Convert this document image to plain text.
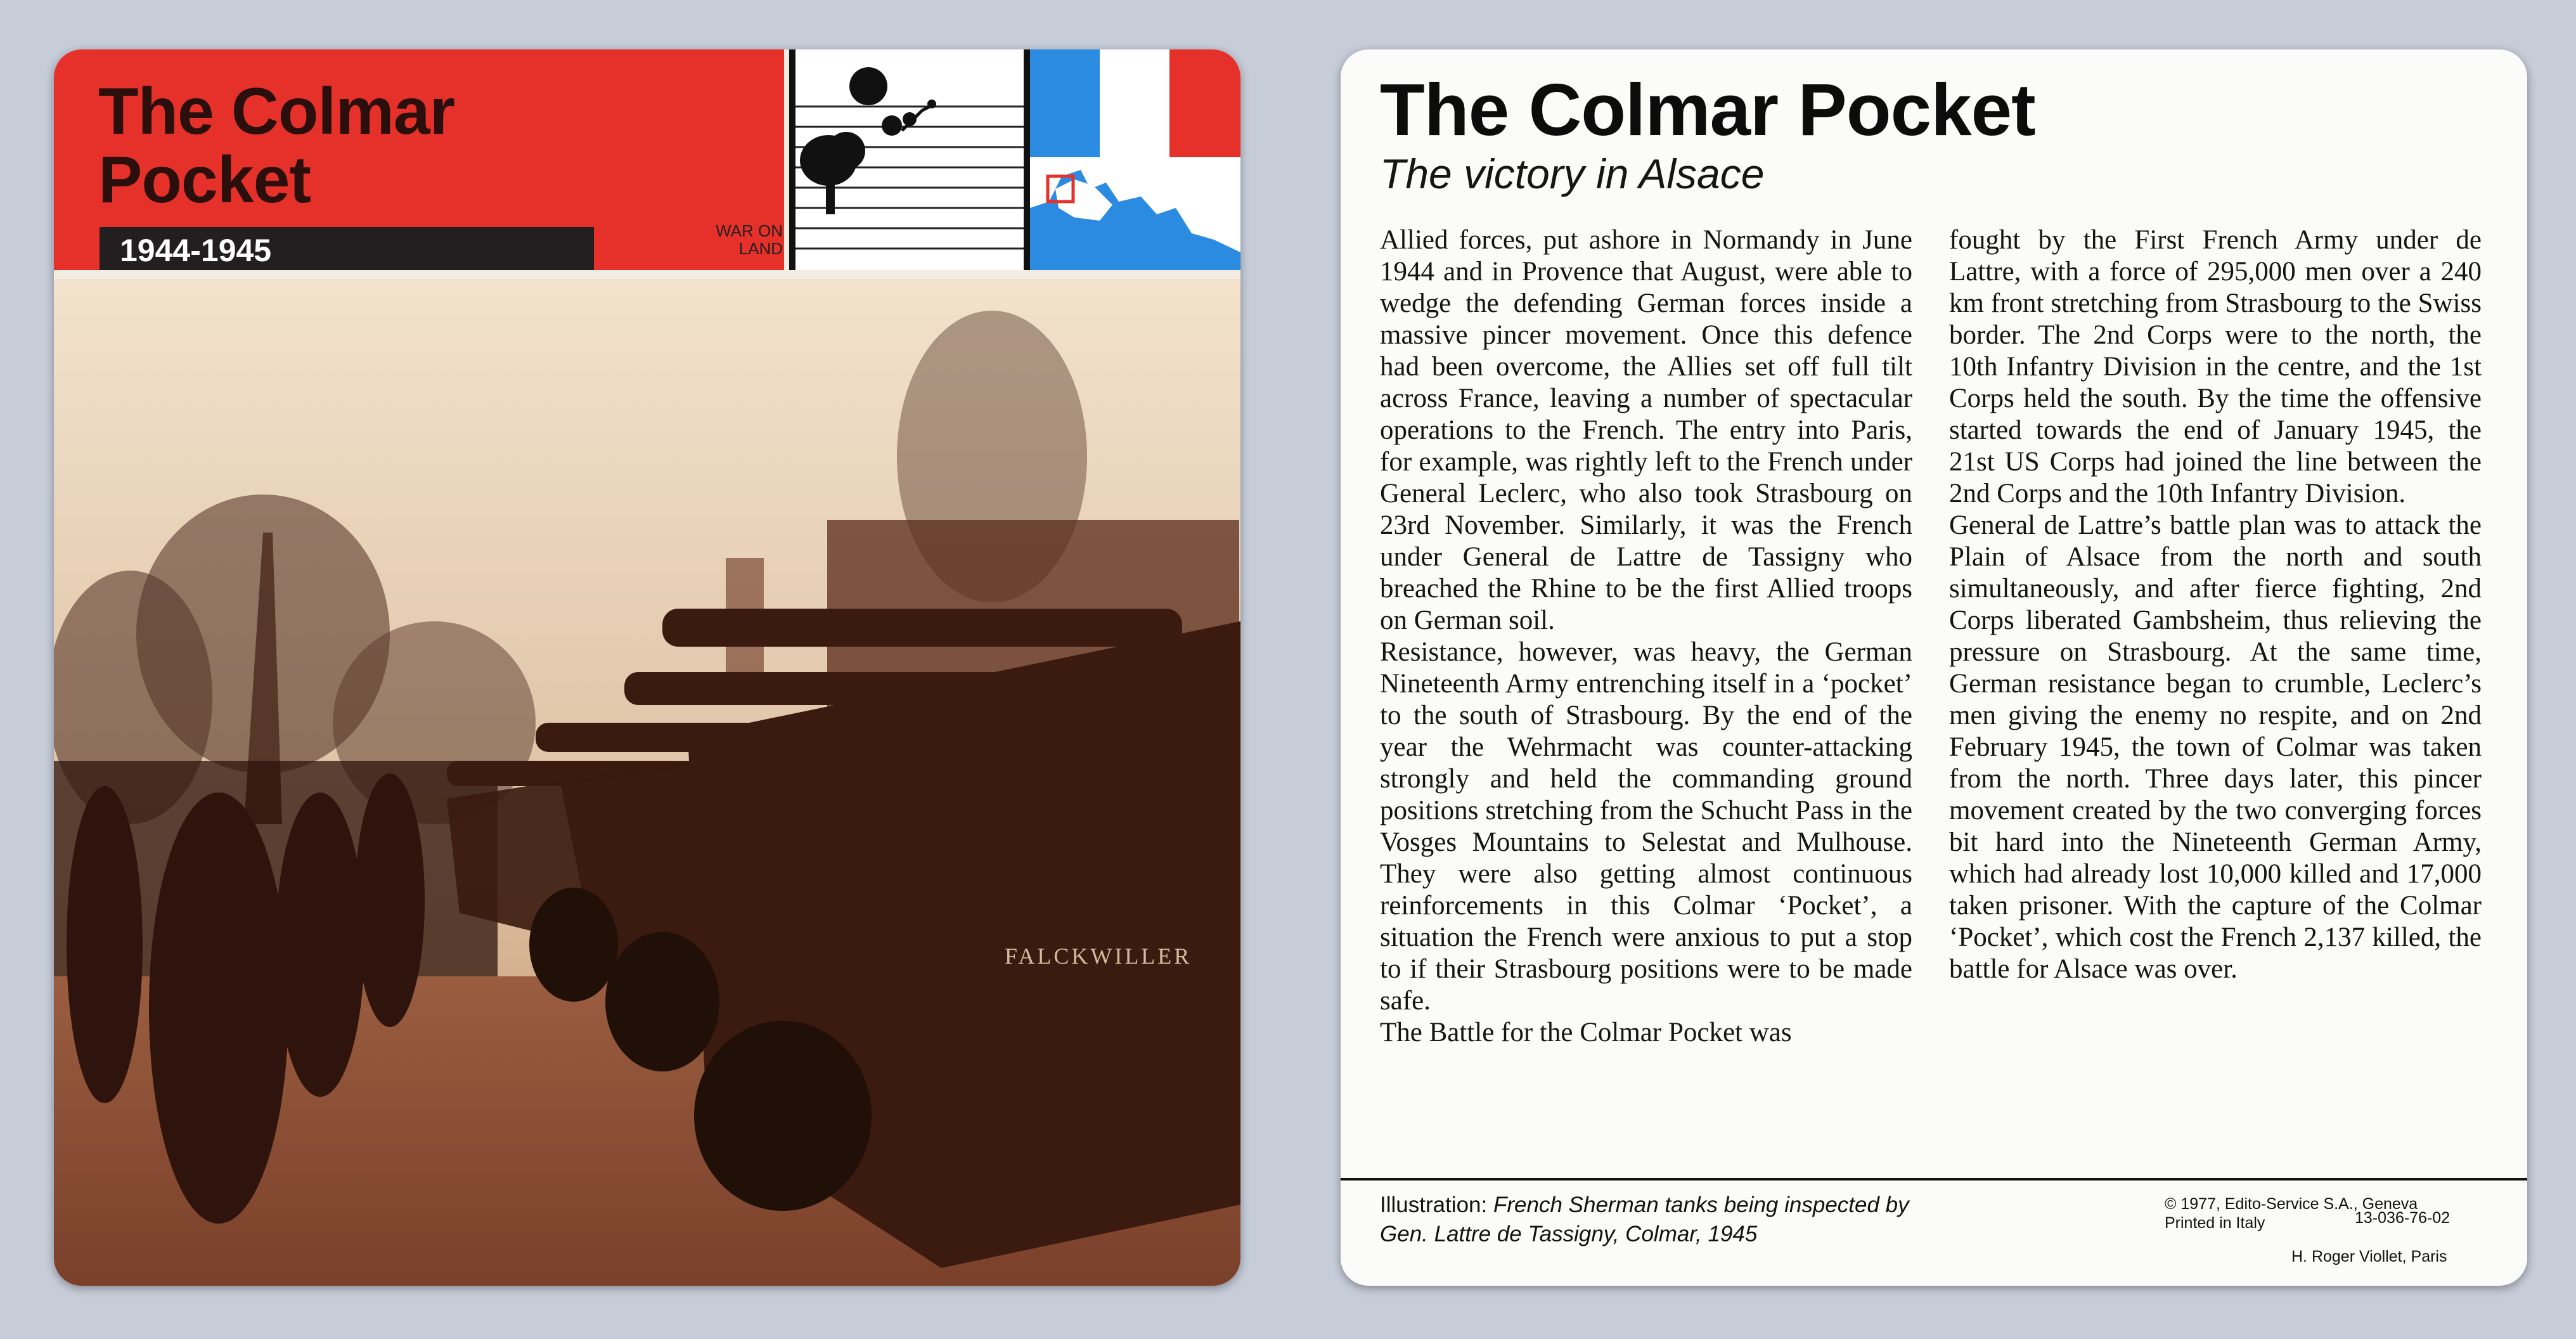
The Colmar
Pocket
1944-1945
WAR ON
LAND
FALCKWILLER
The Colmar Pocket
The victory in Alsace

Allied forces, put ashore in Normandy in June 1944 and in Provence that August, were able to wedge the defending German forces inside a massive pincer movement. Once this defence had been overcome, the Allies set off full tilt across France, leaving a number of spectacular operations to the French. The entry into Paris, for example, was rightly left to the French under General Leclerc, who also took Strasbourg on 23rd November. Similarly, it was the French under General de Lattre de Tassigny who breached the Rhine to be the first Allied troops on German soil.

Resistance, however, was heavy, the German Nineteenth Army entrenching itself in a ‘pocket’ to the south of Strasbourg. By the end of the year the Wehrmacht was counter-attacking strongly and held the commanding ground positions stretching from the Schucht Pass in the Vosges Mountains to Selestat and Mulhouse. They were also getting almost continuous reinforcements in this Colmar ‘Pocket’, a situation the French were anxious to put a stop to if their Strasbourg positions were to be made safe.

The Battle for the Colmar Pocket was

fought by the First French Army under de Lattre, with a force of 295,000 men over a 240 km front stretching from Strasbourg to the Swiss border. The 2nd Corps were to the north, the 10th Infantry Division in the centre, and the 1st Corps held the south. By the time the offensive started towards the end of January 1945, the 21st US Corps had joined the line between the 2nd Corps and the 10th Infantry Division.

General de Lattre’s battle plan was to attack the Plain of Alsace from the north and south simultaneously, and after fierce fighting, 2nd Corps liberated Gambsheim, thus relieving the pressure on Strasbourg. At the same time, German resistance began to crumble, Leclerc’s men giving the enemy no respite, and on 2nd February 1945, the town of Colmar was taken from the north. Three days later, this pincer movement created by the two converging forces bit hard into the Nineteenth German Army, which had already lost 10,000 killed and 17,000 taken prisoner. With the capture of the Colmar ‘Pocket’, which cost the French 2,137 killed, the battle for Alsace was over.

Illustration: French Sherman tanks being inspected by
Gen. Lattre de Tassigny, Colmar, 1945
© 1977, Edito-Service S.A., Geneva
Printed in Italy	13-036-76-02
H. Roger Viollet, Paris
